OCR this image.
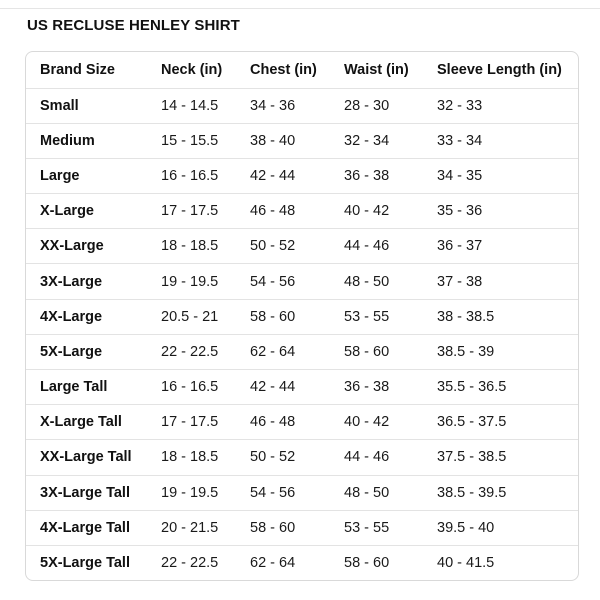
US RECLUSE HENLEY SHIRT
Brand Size	Neck (in)	Chest (in)	Waist (in)	Sleeve Length (in)
Small	14 - 14.5	34 - 36	28 - 30	32 - 33
Medium	15 - 15.5	38 - 40	32 - 34	33 - 34
Large	16 - 16.5	42 - 44	36 - 38	34 - 35
X-Large	17 - 17.5	46 - 48	40 - 42	35 - 36
XX-Large	18 - 18.5	50 - 52	44 - 46	36 - 37
3X-Large	19 - 19.5	54 - 56	48 - 50	37 - 38
4X-Large	20.5 - 21	58 - 60	53 - 55	38 - 38.5
5X-Large	22 - 22.5	62 - 64	58 - 60	38.5 - 39
Large Tall	16 - 16.5	42 - 44	36 - 38	35.5 - 36.5
X-Large Tall	17 - 17.5	46 - 48	40 - 42	36.5 - 37.5
XX-Large Tall	18 - 18.5	50 - 52	44 - 46	37.5 - 38.5
3X-Large Tall	19 - 19.5	54 - 56	48 - 50	38.5 - 39.5
4X-Large Tall	20 - 21.5	58 - 60	53 - 55	39.5 - 40
5X-Large Tall	22 - 22.5	62 - 64	58 - 60	40 - 41.5
